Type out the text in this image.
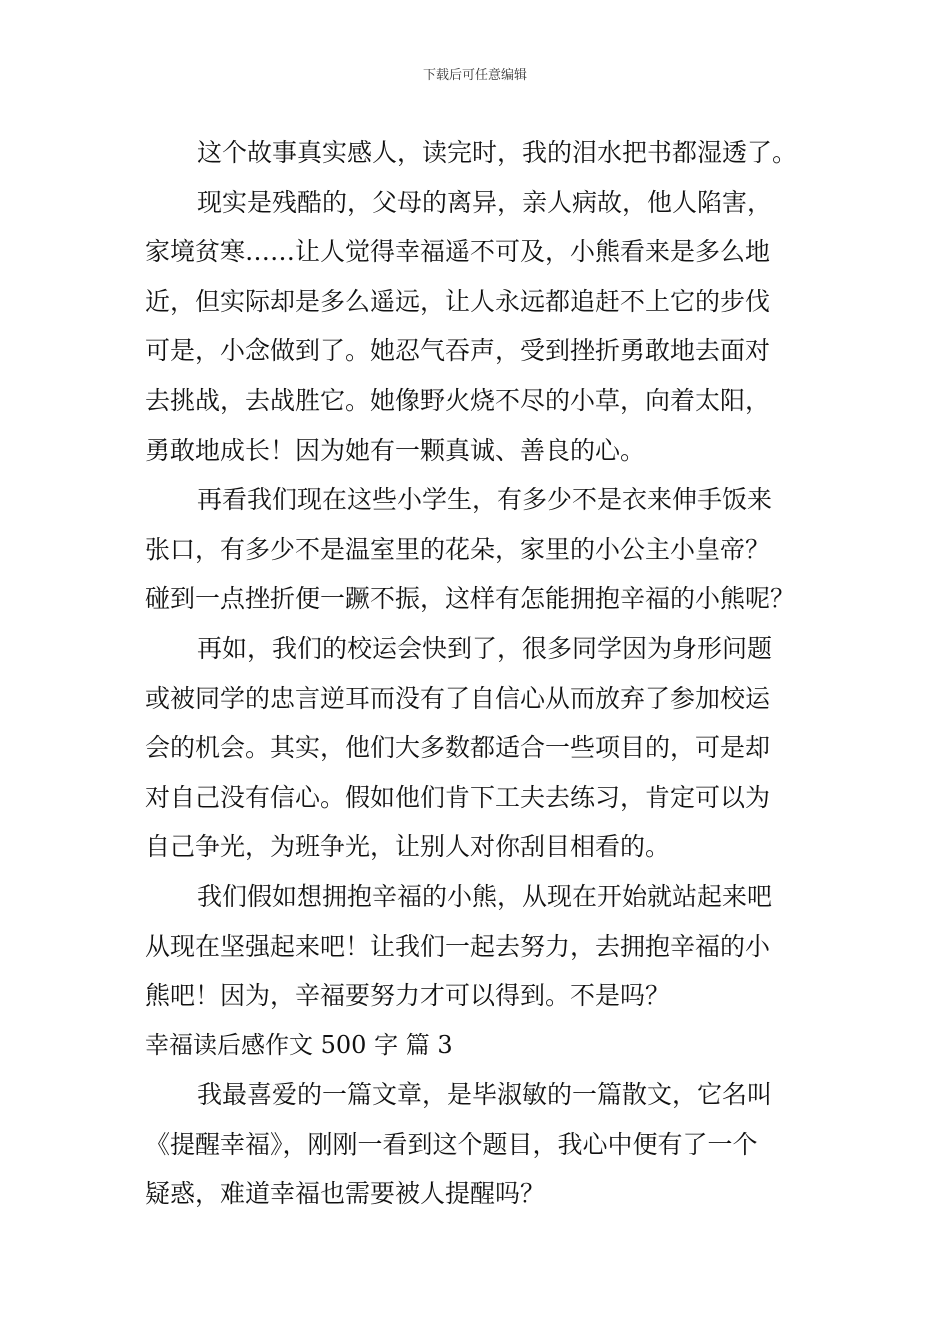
下载后可任意编辑
这个故事真实感人，读完时，我的泪水把书都湿透了。
现实是残酷的，父母的离异，亲人病故，他人陷害，
家境贫寒……让人觉得幸福遥不可及，小熊看来是多么地
近，但实际却是多么遥远，让人永远都追赶不上它的步伐
可是，小念做到了。她忍气吞声，受到挫折勇敢地去面对
去挑战，去战胜它。她像野火烧不尽的小草，向着太阳，
勇敢地成长！因为她有一颗真诚、善良的心。
再看我们现在这些小学生，有多少不是衣来伸手饭来
张口，有多少不是温室里的花朵，家里的小公主小皇帝？
碰到一点挫折便一蹶不振，这样有怎能拥抱辛福的小熊呢？
再如，我们的校运会快到了，很多同学因为身形问题
或被同学的忠言逆耳而没有了自信心从而放弃了参加校运
会的机会。其实，他们大多数都适合一些项目的，可是却
对自己没有信心。假如他们肯下工夫去练习，肯定可以为
自己争光，为班争光，让别人对你刮目相看的。
我们假如想拥抱辛福的小熊，从现在开始就站起来吧
从现在坚强起来吧！让我们一起去努力，去拥抱辛福的小
熊吧！因为，辛福要努力才可以得到。不是吗？
幸福读后感作文 500 字 篇 3
我最喜爱的一篇文章，是毕淑敏的一篇散文，它名叫
《提醒幸福》，刚刚一看到这个题目，我心中便有了一个
疑惑，难道幸福也需要被人提醒吗？
